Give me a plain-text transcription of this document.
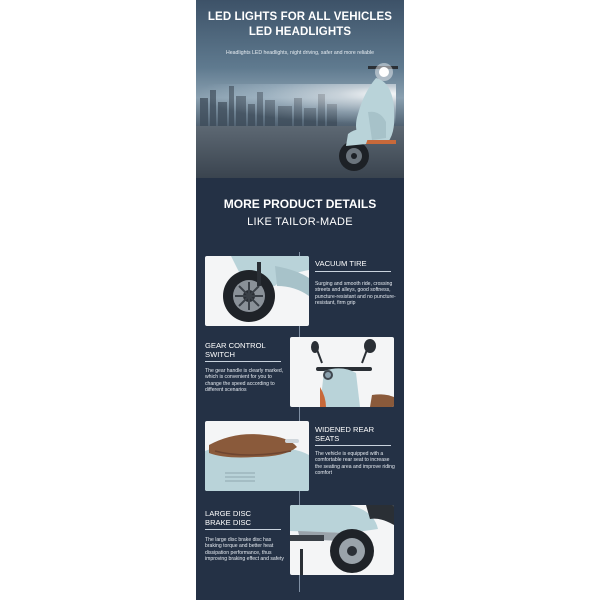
LED LIGHTS FOR ALL VEHICLES
LED HEADLIGHTS
Headlights LED headlights, night driving, safer and more reliable
MORE PRODUCT DETAILS
LIKE TAILOR-MADE
VACUUM TIRE
Surging and smooth ride, crossing streets and alleys, good softness, puncture-resistant and no puncture-resistant, firm grip
GEAR CONTROL
SWITCH
The gear handle is clearly marked, which is convenient for you to change the speed according to different scenarios
WIDENED REAR
SEATS
The vehicle is equipped with a comfortable rear seat to increase the seating area and improve riding comfort
LARGE DISC
BRAKE DISC
The large disc brake disc has braking torque and better heat dissipation performance, thus improving braking effect and safety
